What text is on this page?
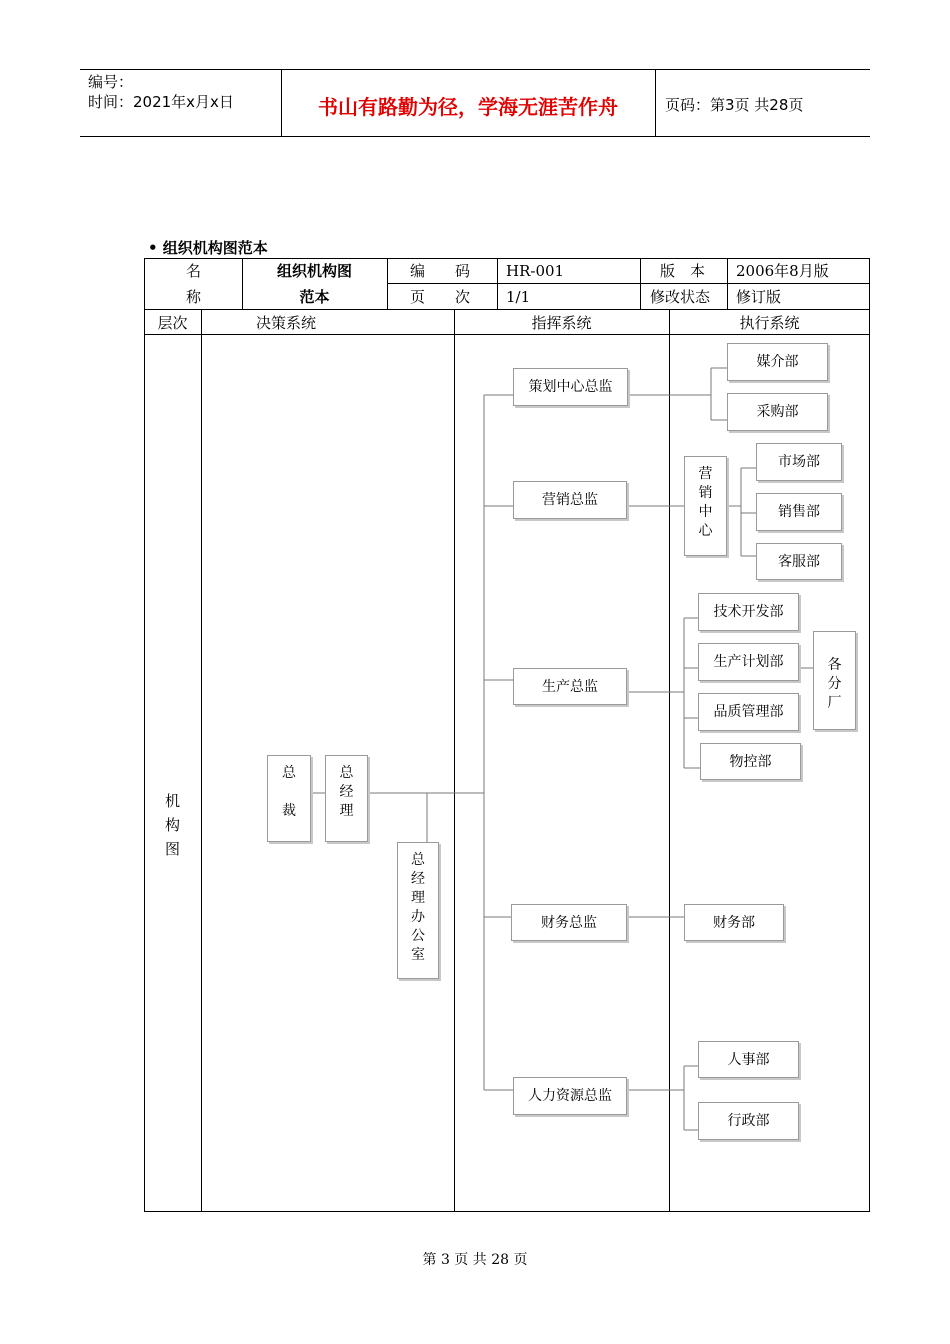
编号：
时间：2021年x月x日	书山有路勤为径，学海无涯苦作舟	页码：第3页 共28页
• 组织机构图范本
名
称
组织机构图
范本
编　　码 HR-001	版　本 2006年8月版
页　　次 1/1	修改状态 修订版
层次	决策系统	指挥系统	执行系统
机
构
图
总

裁
总
经
理
总
经
理
办
公
室
策划中心总监
营销总监
生产总监
财务总监
人力资源总监
媒介部
采购部
营
销
中
心
市场部
销售部
客服部
技术开发部
生产计划部
品质管理部
物控部
各
分
厂
财务部
人事部
行政部
第 3 页 共 28 页
